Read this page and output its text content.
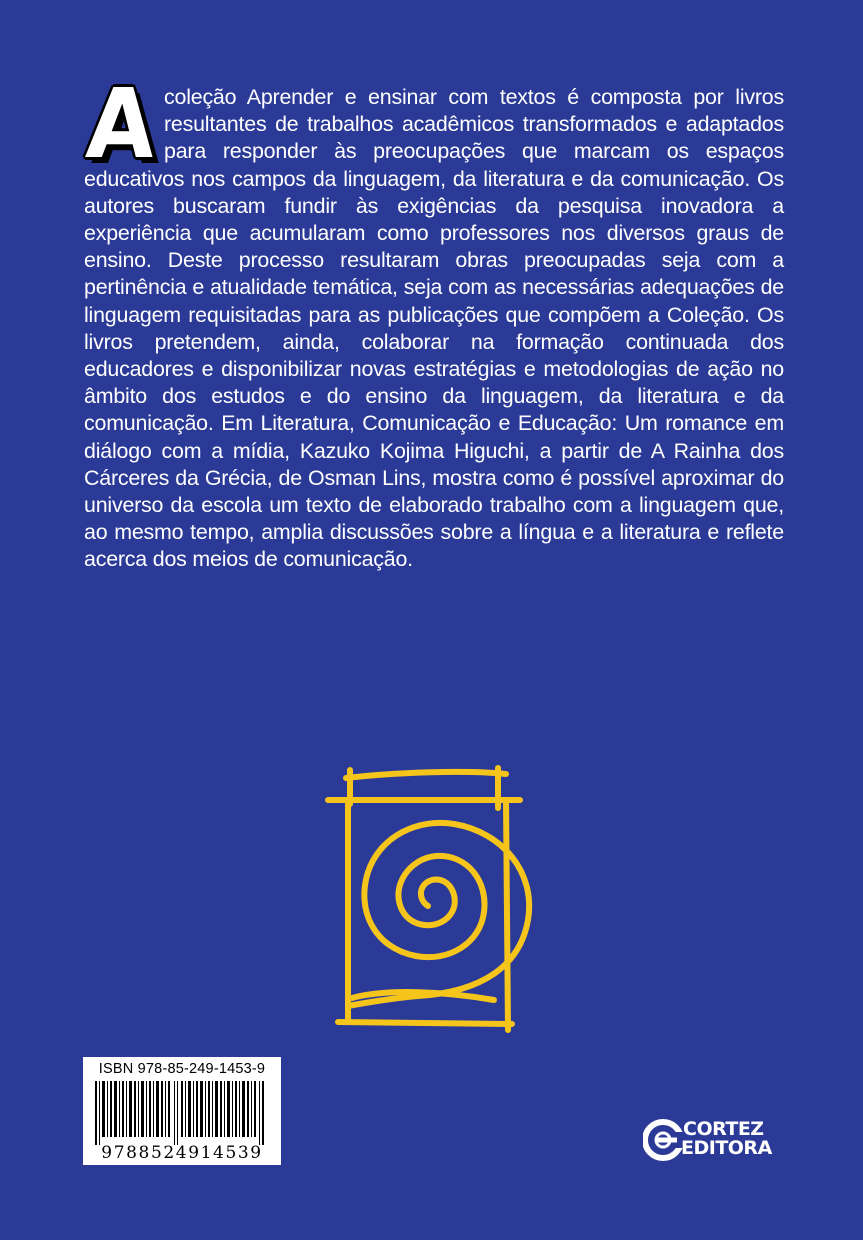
A coleção Aprender e ensinar com textos é composta por livros resultantes de trabalhos acadêmicos transformados e adaptados para responder às preocupações que marcam os espaços educativos nos campos da linguagem, da literatura e da comunicação. Os autores buscaram fundir às exigências da pesquisa inovadora a experiência que acumularam como professores nos diversos graus de ensino. Deste processo resultaram obras preocupadas seja com a pertinência e atualidade temática, seja com as necessárias adequações de linguagem requisitadas para as publicações que compõem a Coleção. Os livros pretendem, ainda, colaborar na formação continuada dos educadores e disponibilizar novas estratégias e metodologias de ação no âmbito dos estudos e do ensino da linguagem, da literatura e da comunicação. Em Literatura, Comunicação e Educação: Um romance em diálogo com a mídia, Kazuko Kojima Higuchi, a partir de A Rainha dos Cárceres da Grécia, de Osman Lins, mostra como é possível aproximar do universo da escola um texto de elaborado trabalho com a linguagem que, ao mesmo tempo, amplia discussões sobre a língua e a literatura e reflete acerca dos meios de comunicação.
ISBN 978-85-249-1453-9
9788524914539
CORTEZ
EDITORA
